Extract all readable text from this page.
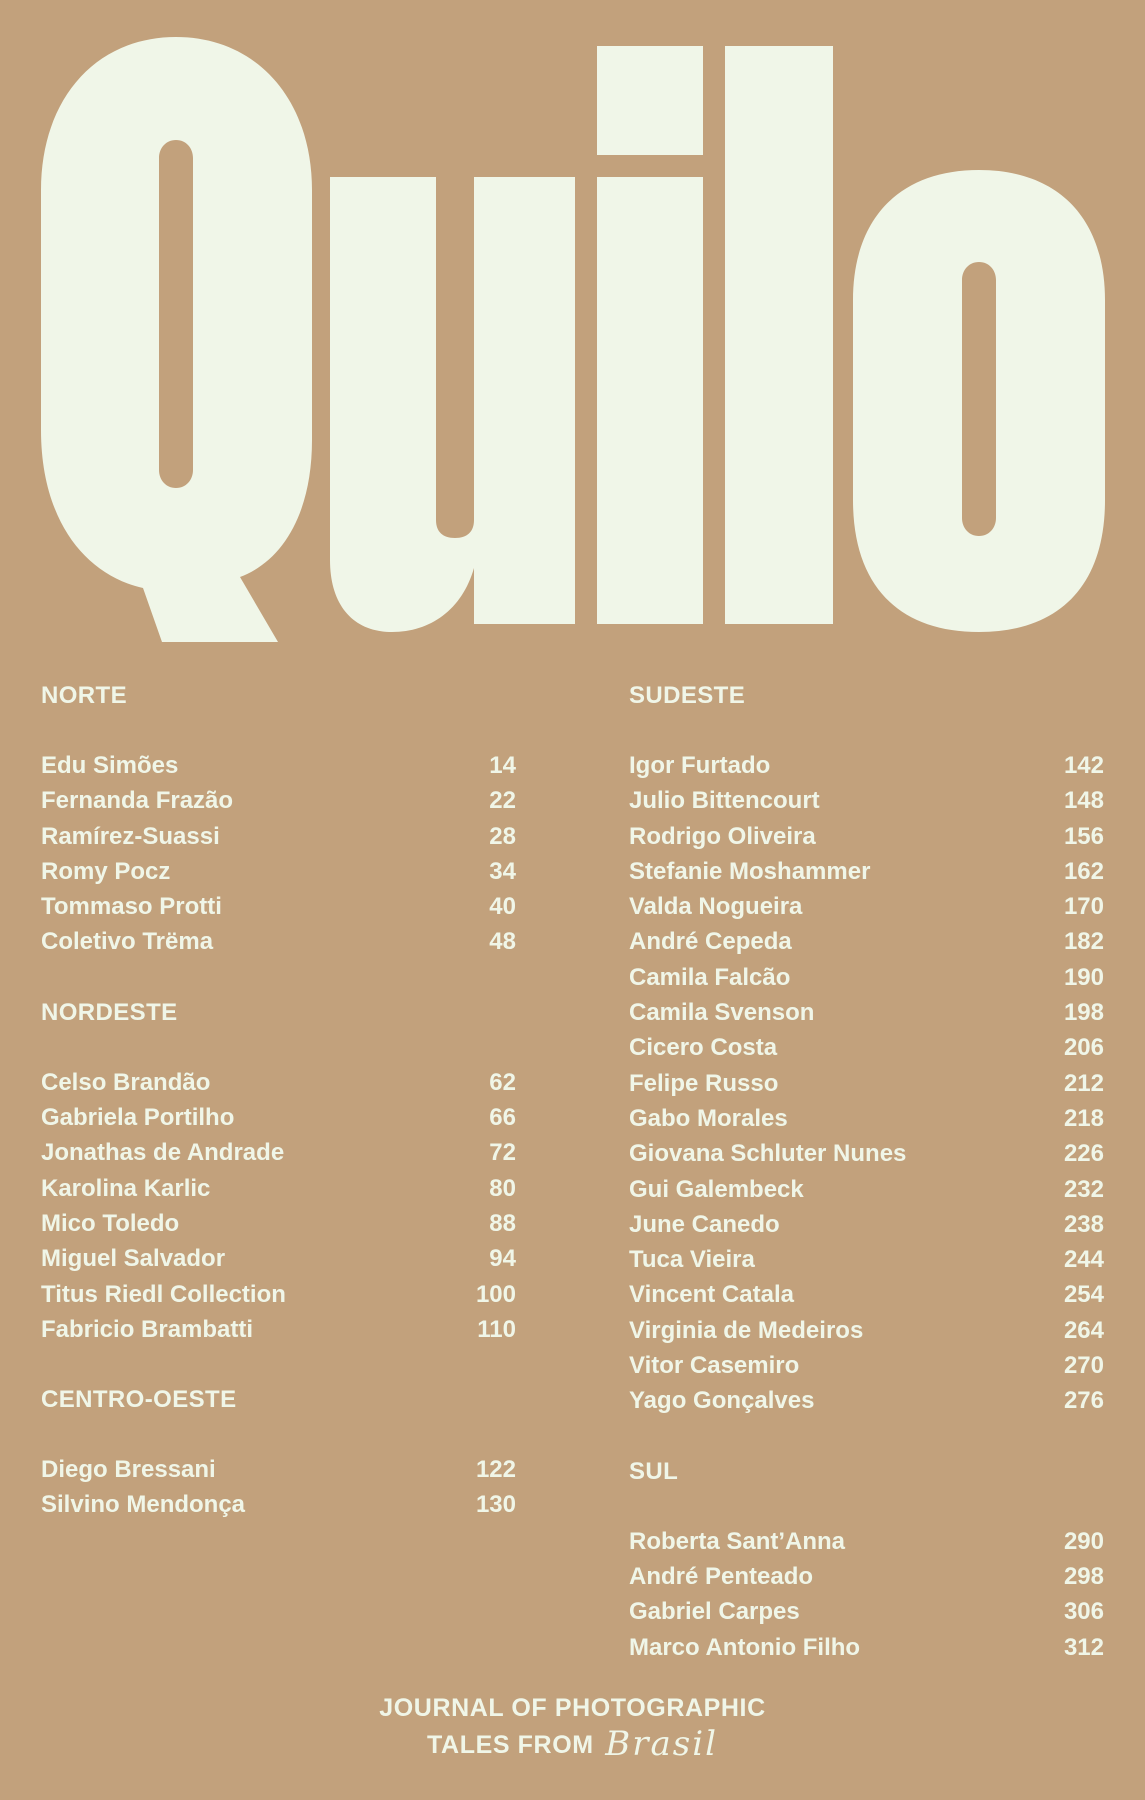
NORTE
Edu Simões	14
Fernanda Frazão	22
Ramírez-Suassi	28
Romy Pocz	34
Tommaso Protti	40
Coletivo Trëma	48
NORDESTE
Celso Brandão	62
Gabriela Portilho	66
Jonathas de Andrade	72
Karolina Karlic	80
Mico Toledo	88
Miguel Salvador	94
Titus Riedl Collection	100
Fabricio Brambatti	110
CENTRO-OESTE
Diego Bressani	122
Silvino Mendonça	130
SUDESTE
Igor Furtado	142
Julio Bittencourt	148
Rodrigo Oliveira	156
Stefanie Moshammer	162
Valda Nogueira	170
André Cepeda	182
Camila Falcão	190
Camila Svenson	198
Cicero Costa	206
Felipe Russo	212
Gabo Morales	218
Giovana Schluter Nunes	226
Gui Galembeck	232
June Canedo	238
Tuca Vieira	244
Vincent Catala	254
Virginia de Medeiros	264
Vitor Casemiro	270
Yago Gonçalves	276
SUL
Roberta Sant’Anna	290
André Penteado	298
Gabriel Carpes	306
Marco Antonio Filho	312
JOURNAL OF PHOTOGRAPHIC
TALES FROM Brasil
